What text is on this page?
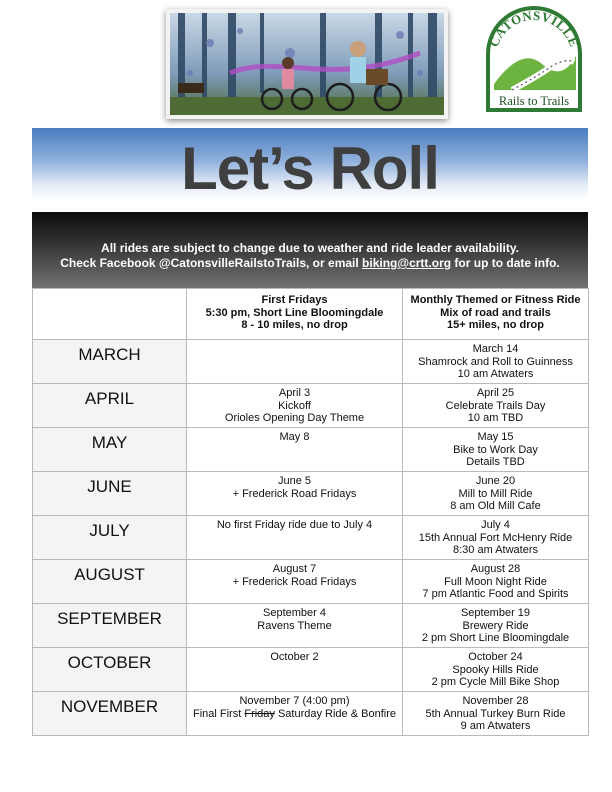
CATONSVILLE
Rails to Trails
Let’s Roll
All rides are subject to change due to weather and ride leader availability.
Check Facebook @CatonsvilleRailstoTrails, or email biking@crtt.org for up to date info.

	First Fridays
5:30 pm, Short Line Bloomingdale
8 - 10 miles, no drop	Monthly Themed or Fitness Ride
Mix of road and trails
15+ miles, no drop

MARCH		March 14
Shamrock and Roll to Guinness
10 am Atwaters

APRIL	April 3
Kickoff
Orioles Opening Day Theme	April 25
Celebrate Trails Day
10 am TBD

MAY	May 8	May 15
Bike to Work Day
Details TBD

JUNE	June 5
+ Frederick Road Fridays	June 20
Mill to Mill Ride
8 am Old Mill Cafe

JULY	No first Friday ride due to July 4	July 4
15th Annual Fort McHenry Ride
8:30 am Atwaters

AUGUST	August 7
+ Frederick Road Fridays	August 28
Full Moon Night Ride
7 pm Atlantic Food and Spirits

SEPTEMBER	September 4
Ravens Theme	September 19
Brewery Ride
2 pm Short Line Bloomingdale

OCTOBER	October 2	October 24
Spooky Hills Ride
2 pm Cycle Mill Bike Shop

NOVEMBER	November 7 (4:00 pm)
Final First Friday Saturday Ride & Bonfire	November 28
5th Annual Turkey Burn Ride
9 am Atwaters
